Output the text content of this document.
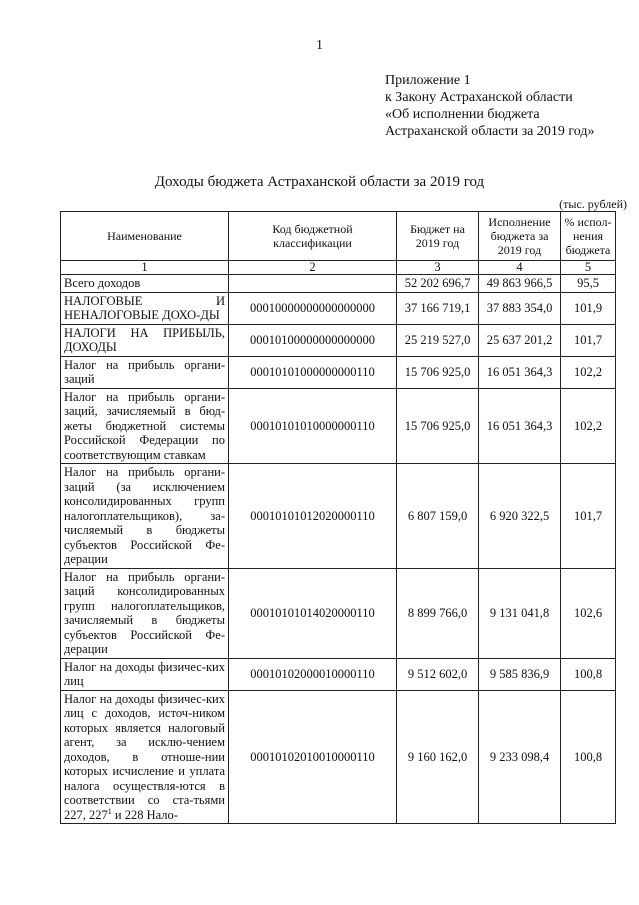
1
Приложение 1
к Закону Астраханской области
«Об исполнении бюджета
Астраханской области за 2019 год»
Доходы бюджета Астраханской области за 2019 год
(тыс. рублей)
Наименование	Код бюджетной классификации	Бюджет на 2019 год	Исполнение бюджета за 2019 год	% испол-нения бюджета
1	2	3	4	5
Всего доходов		52 202 696,7	49 863 966,5	95,5
НАЛОГОВЫЕ И НЕНАЛОГОВЫЕ ДОХО-ДЫ	00010000000000000000	37 166 719,1	37 883 354,0	101,9
НАЛОГИ НА ПРИБЫЛЬ, ДОХОДЫ	00010100000000000000	25 219 527,0	25 637 201,2	101,7
Налог на прибыль органи-заций	00010101000000000110	15 706 925,0	16 051 364,3	102,2
Налог на прибыль органи-заций, зачисляемый в бюд-жеты бюджетной системы Российской Федерации по соответствующим ставкам	00010101010000000110	15 706 925,0	16 051 364,3	102,2
Налог на прибыль органи-заций (за исключением консолидированных групп налогоплательщиков), за-числяемый в бюджеты субъектов Российской Фе-дерации	00010101012020000110	6 807 159,0	6 920 322,5	101,7
Налог на прибыль органи-заций консолидированных групп налогоплательщиков, зачисляемый в бюджеты субъектов Российской Фе-дерации	00010101014020000110	8 899 766,0	9 131 041,8	102,6
Налог на доходы физичес-ких лиц	00010102000010000110	9 512 602,0	9 585 836,9	100,8
Налог на доходы физичес-ких лиц с доходов, источ-ником которых является налоговый агент, за исклю-чением доходов, в отноше-нии которых исчисление и уплата налога осуществля-ются в соответствии со ста-тьями 227, $227^1$ и 228 Нало-	00010102010010000110	9 160 162,0	9 233 098,4	100,8
